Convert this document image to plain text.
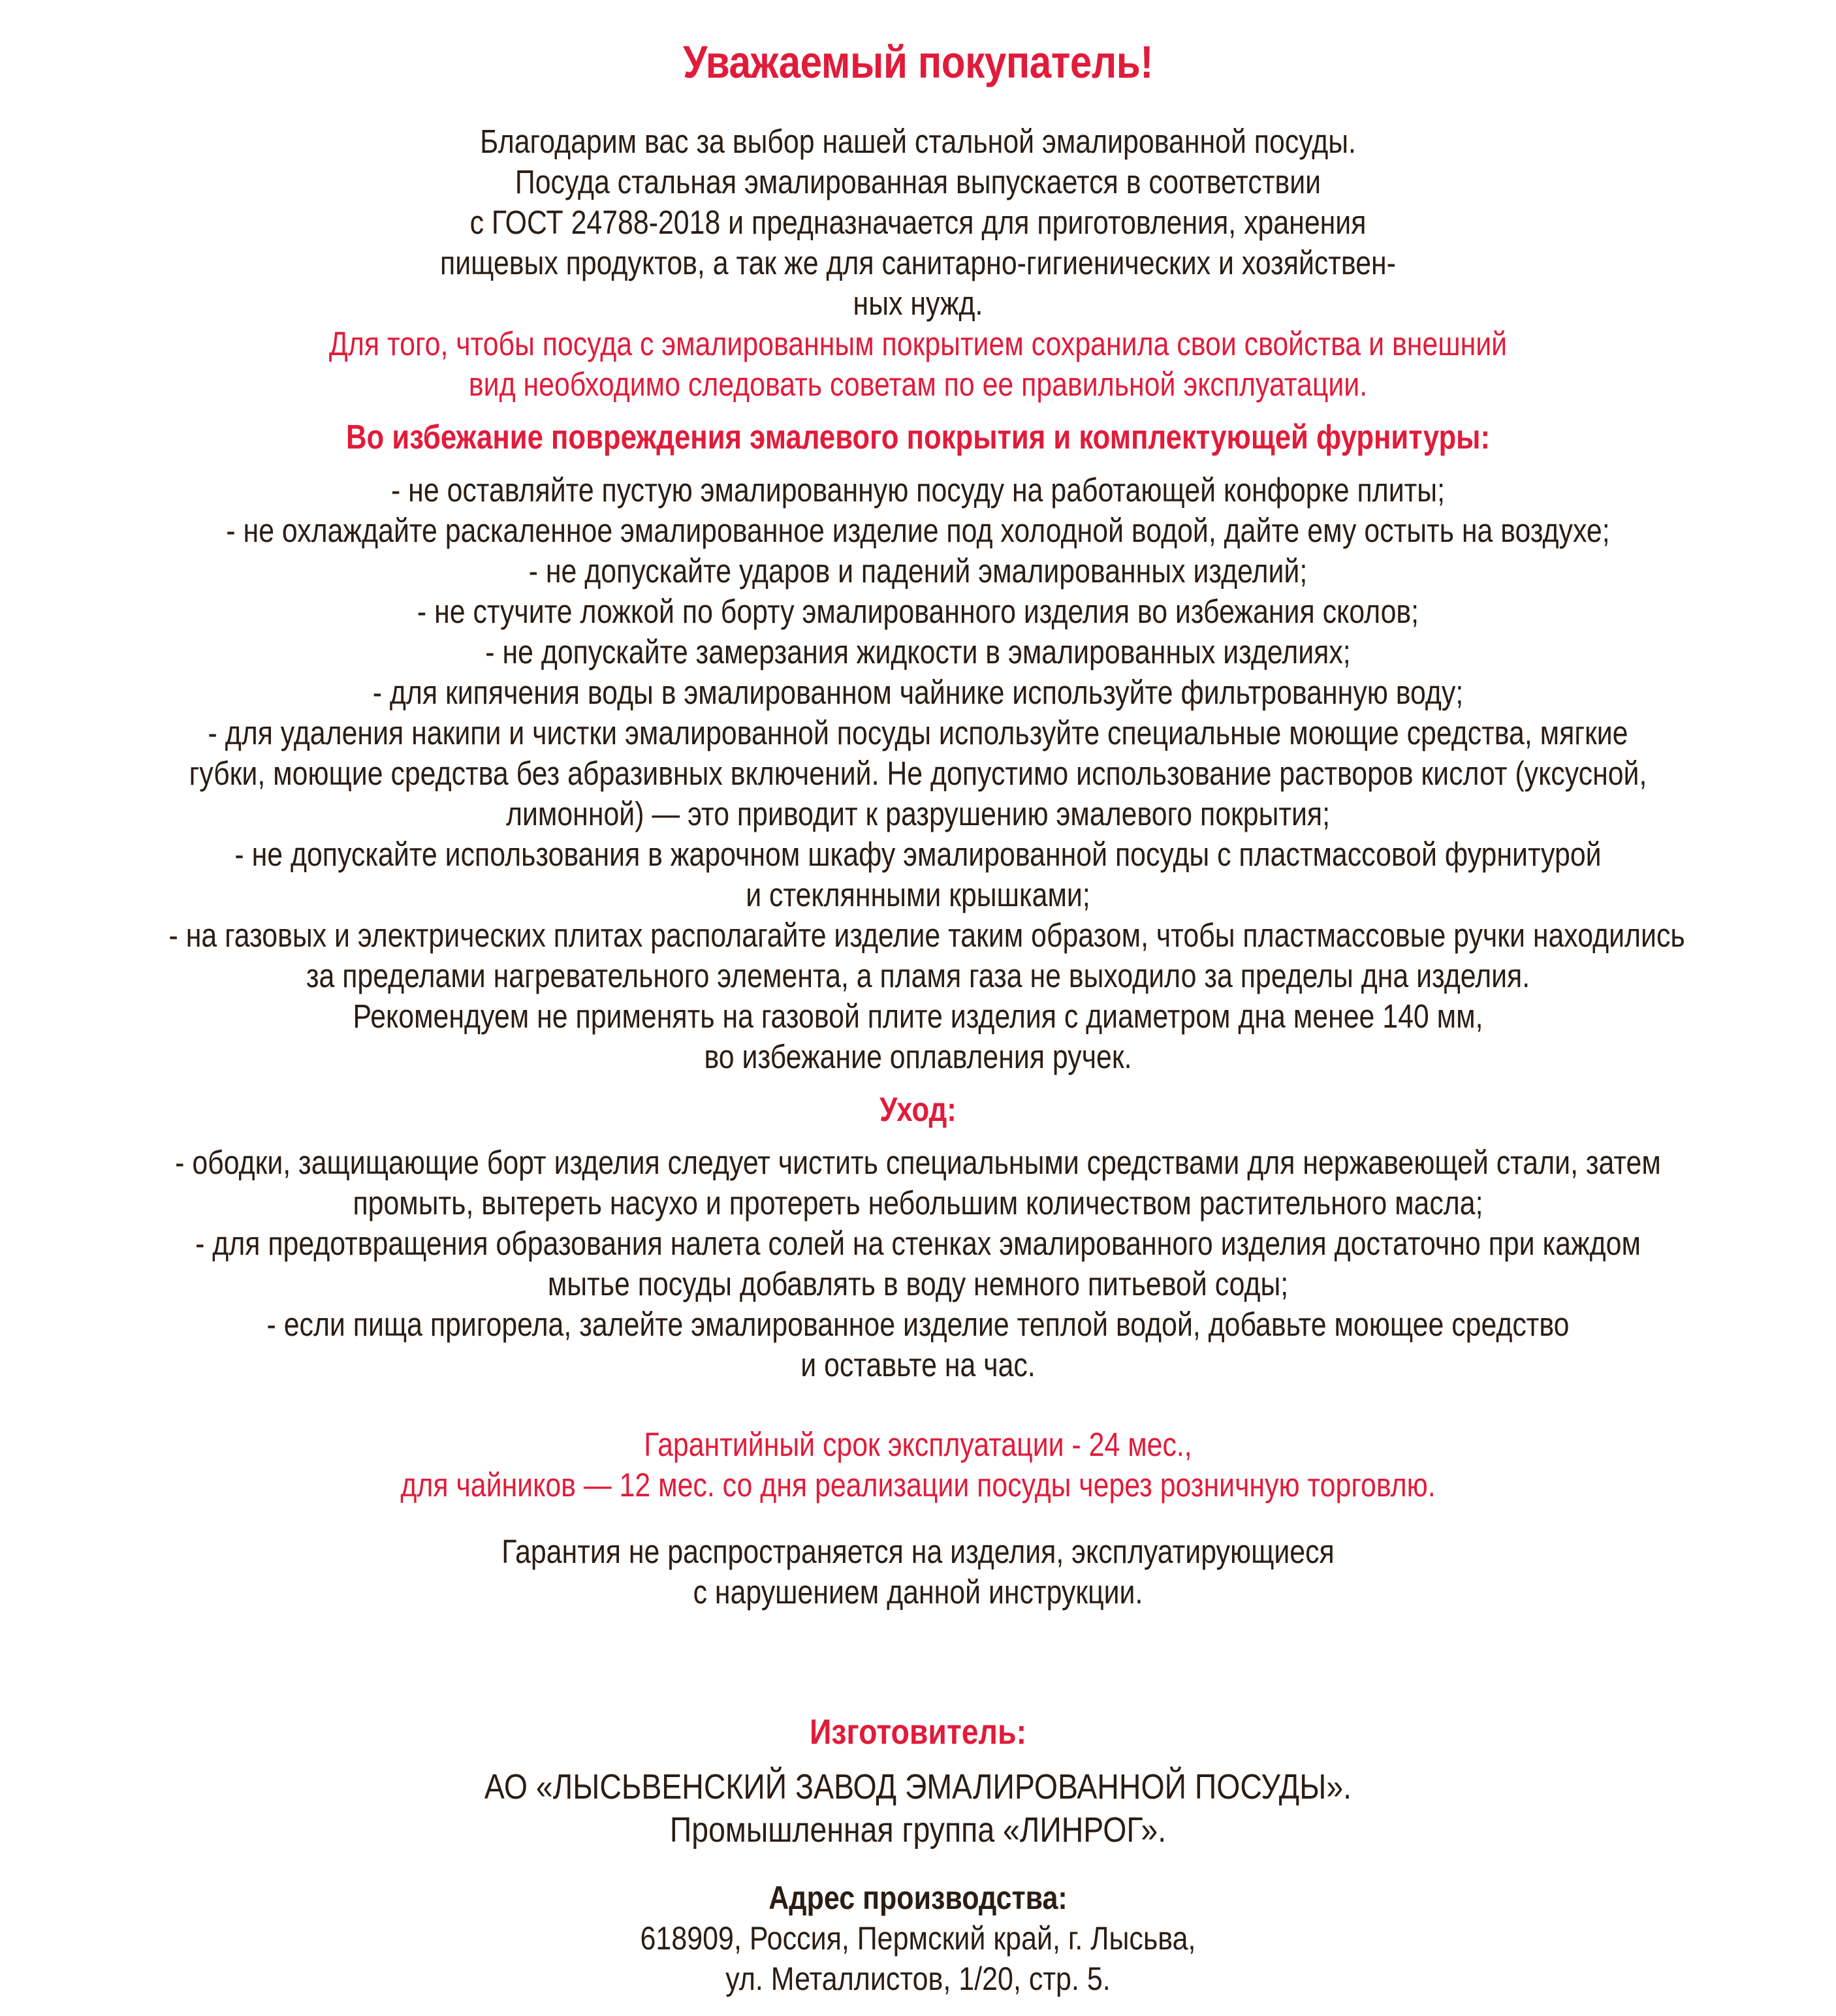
Уважаемый покупатель!
Благодарим вас за выбор нашей стальной эмалированной посуды.
Посуда стальная эмалированная выпускается в соответствии
с ГОСТ 24788-2018 и предназначается для приготовления, хранения
пищевых продуктов, а так же для санитарно-гигиенических и хозяйствен-
ных нужд.
Для того, чтобы посуда с эмалированным покрытием сохранила свои свойства и внешний
вид необходимо следовать советам по ее правильной эксплуатации.
Во избежание повреждения эмалевого покрытия и комплектующей фурнитуры:
- не оставляйте пустую эмалированную посуду на работающей конфорке плиты;
- не охлаждайте раскаленное эмалированное изделие под холодной водой, дайте ему остыть на воздухе;
- не допускайте ударов и падений эмалированных изделий;
- не стучите ложкой по борту эмалированного изделия во избежания сколов;
- не допускайте замерзания жидкости в эмалированных изделиях;
- для кипячения воды в эмалированном чайнике используйте фильтрованную воду;
- для удаления накипи и чистки эмалированной посуды используйте специальные моющие средства, мягкие
губки, моющие средства без абразивных включений. Не допустимо использование растворов кислот (уксусной,
лимонной) — это приводит к разрушению эмалевого покрытия;
- не допускайте использования в жарочном шкафу эмалированной посуды с пластмассовой фурнитурой
и стеклянными крышками;
- на газовых и электрических плитах располагайте изделие таким образом, чтобы пластмассовые ручки находились
за пределами нагревательного элемента, а пламя газа не выходило за пределы дна изделия.
Рекомендуем не применять на газовой плите изделия с диаметром дна менее 140 мм,
во избежание оплавления ручек.
Уход:
- ободки, защищающие борт изделия следует чистить специальными средствами для нержавеющей стали, затем
промыть, вытереть насухо и протереть небольшим количеством растительного масла;
- для предотвращения образования налета солей на стенках эмалированного изделия достаточно при каждом
мытье посуды добавлять в воду немного питьевой соды;
- если пища пригорела, залейте эмалированное изделие теплой водой, добавьте моющее средство
и оставьте на час.
Гарантийный срок эксплуатации - 24 мес.,
для чайников — 12 мес. со дня реализации посуды через розничную торговлю.
Гарантия не распространяется на изделия, эксплуатирующиеся
с нарушением данной инструкции.
Изготовитель:
АО «ЛЫСЬВЕНСКИЙ ЗАВОД ЭМАЛИРОВАННОЙ ПОСУДЫ».
Промышленная группа «ЛИНРОГ».
Адрес производства:
618909, Россия, Пермский край, г. Лысьва,
ул. Металлистов, 1/20, стр. 5.
